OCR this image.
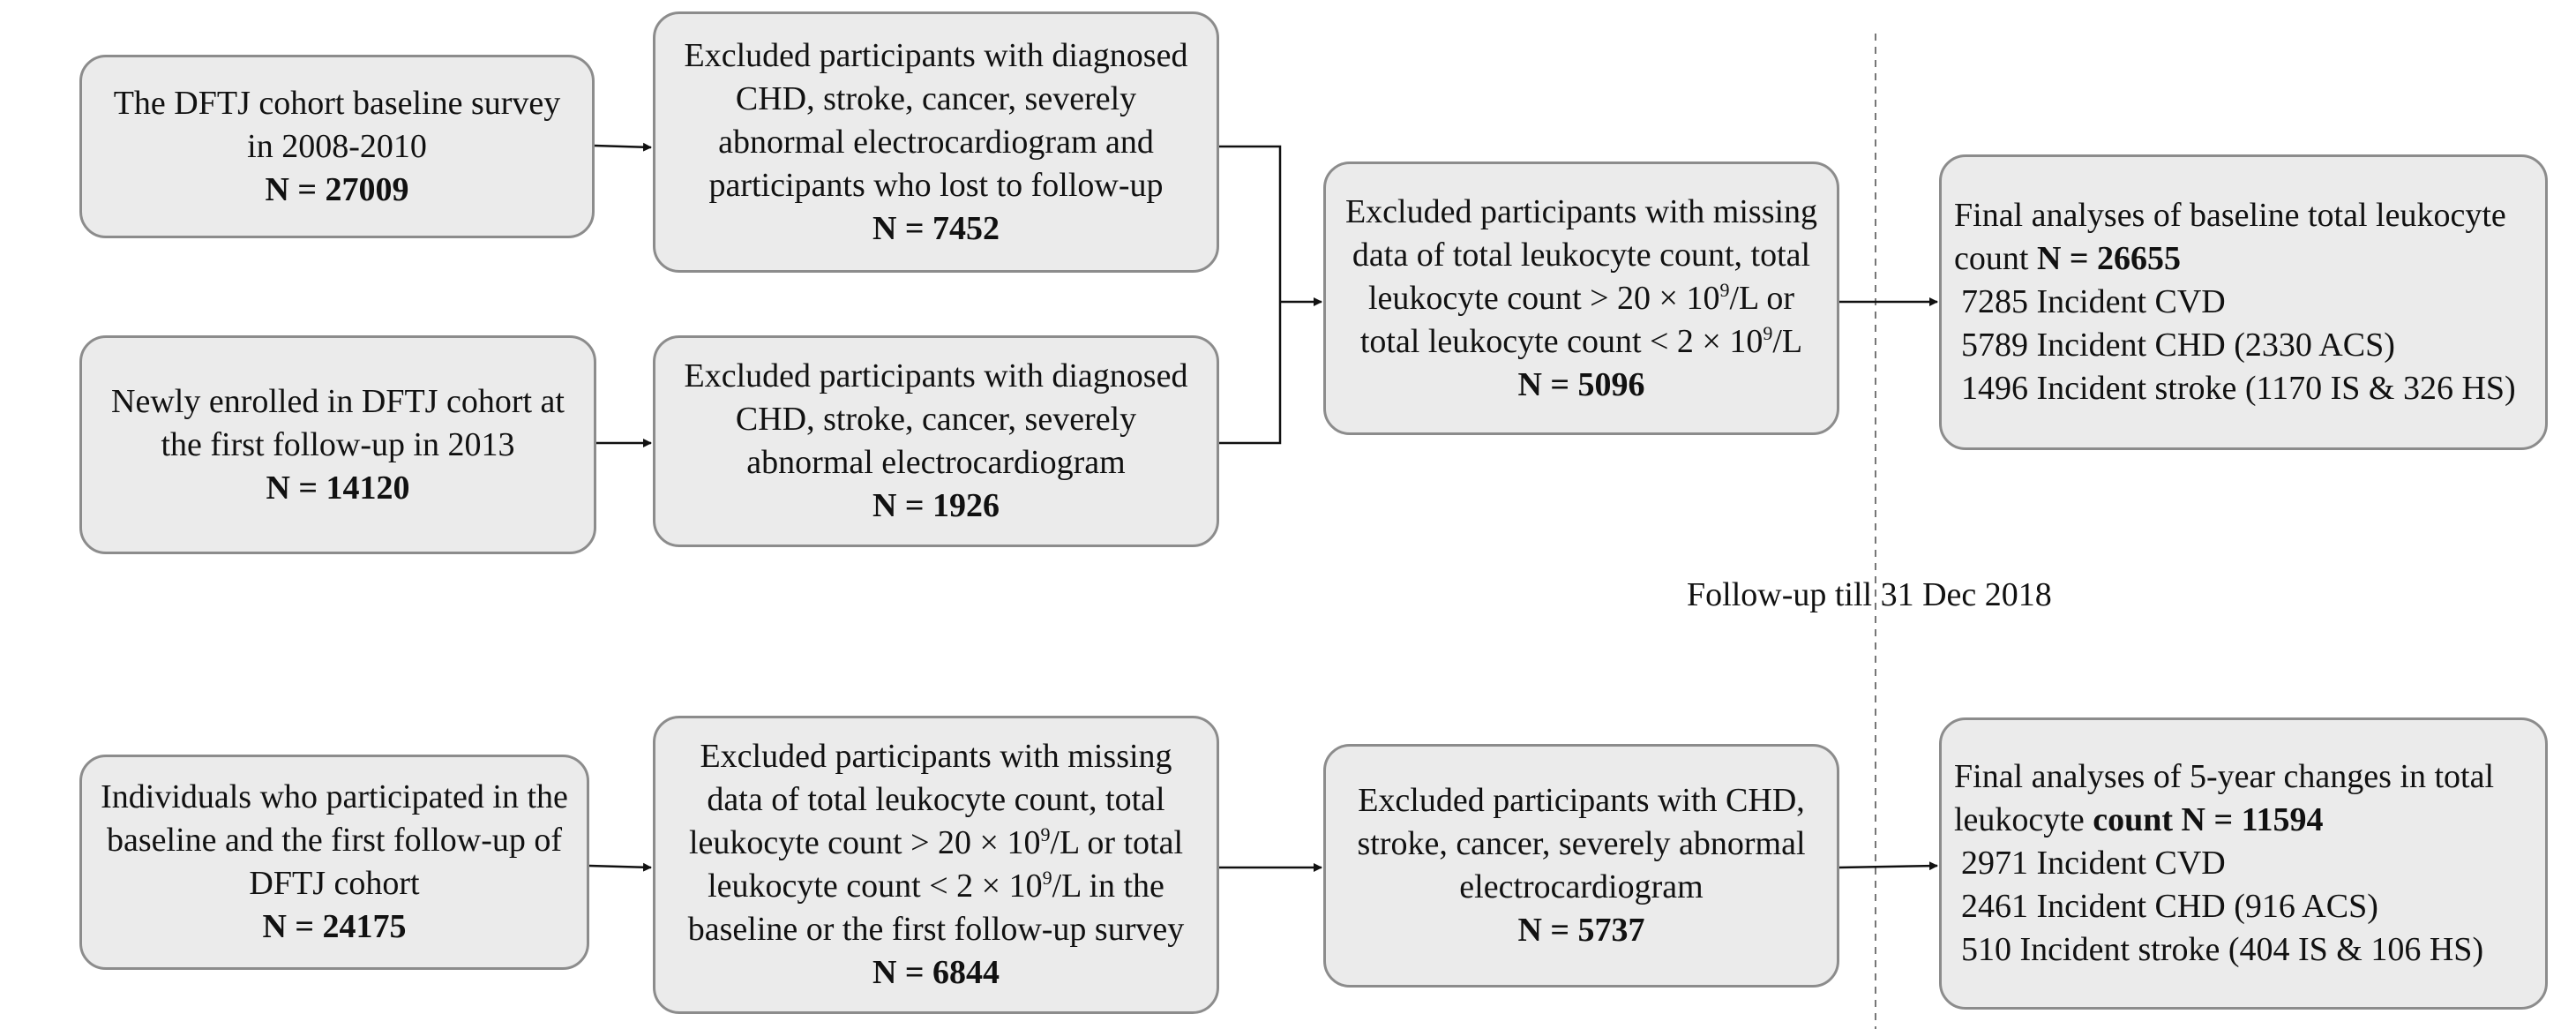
The DFTJ cohort baseline survey
in 2008-2010
N = 27009
Excluded participants with diagnosed
CHD, stroke, cancer, severely
abnormal electrocardiogram and
participants who lost to follow-up
N = 7452
Newly enrolled in DFTJ cohort at
the first follow-up in 2013
N = 14120
Excluded participants with diagnosed
CHD, stroke, cancer, severely
abnormal electrocardiogram
N = 1926
Excluded participants with missing
data of total leukocyte count, total
leukocyte count > $20 \times 10^9/L$ or
total leukocyte count < $2 \times 10^9/L$
N = 5096
Final analyses of baseline total leukocyte
count N = 26655
7285 Incident CVD
5789 Incident CHD (2330 ACS)
1496 Incident stroke (1170 IS & 326 HS)
Follow-up till 31 Dec 2018
Individuals who participated in the
baseline and the first follow-up of
DFTJ cohort
N = 24175
Excluded participants with missing
data of total leukocyte count, total
leukocyte count > $20 \times 10^9/L$ or total
leukocyte count < $2 \times 10^9/L$ in the
baseline or the first follow-up survey
N = 6844
Excluded participants with CHD,
stroke, cancer, severely abnormal
electrocardiogram
N = 5737
Final analyses of 5-year changes in total
leukocyte count N = 11594
2971 Incident CVD
2461 Incident CHD (916 ACS)
510 Incident stroke (404 IS & 106 HS)
